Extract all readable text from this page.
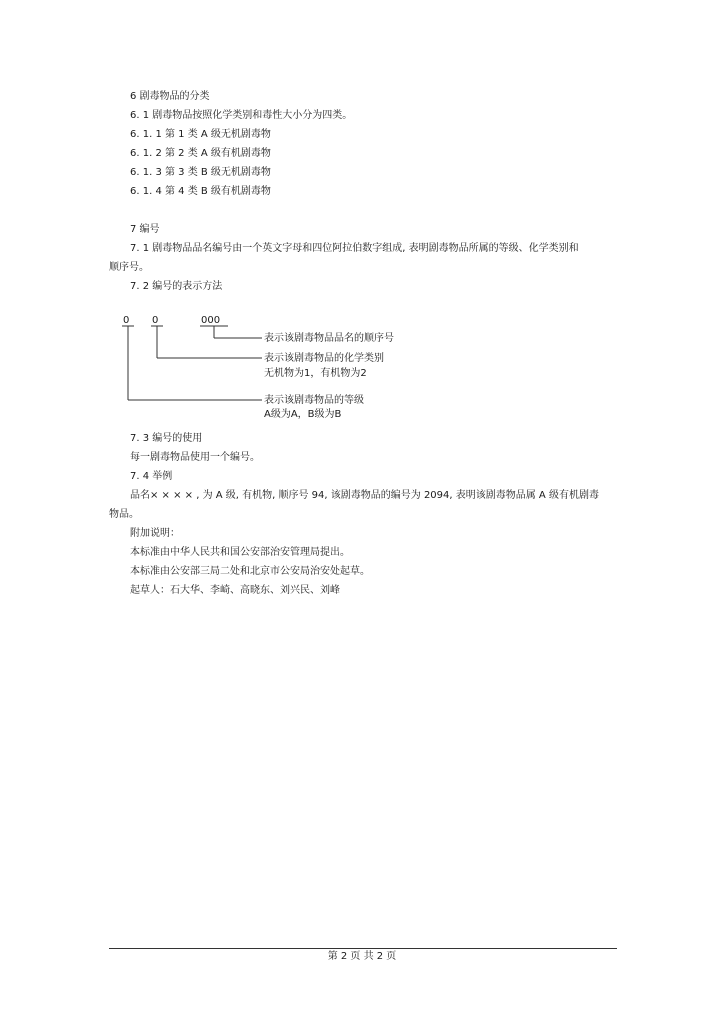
6 剧毒物品的分类
6. 1 剧毒物品按照化学类别和毒性大小分为四类。
6. 1. 1 第 1 类 A 级无机剧毒物
6. 1. 2 第 2 类 A 级有机剧毒物
6. 1. 3 第 3 类 B 级无机剧毒物
6. 1. 4 第 4 类 B 级有机剧毒物
7 编号
7. 1 剧毒物品品名编号由一个英文字母和四位阿拉伯数字组成, 表明剧毒物品所属的等级、化学类别和
顺序号。
7. 2 编号的表示方法
0 0	000
表示该剧毒物品品名的顺序号
表示该剧毒物品的化学类别
无机物为1，有机物为2
表示该剧毒物品的等级
A级为A，B级为B
7. 3 编号的使用
每一剧毒物品使用一个编号。
7. 4 举例
品名× × × × , 为 A 级, 有机物, 顺序号 94, 该剧毒物品的编号为 2094, 表明该剧毒物品属 A 级有机剧毒
物品。
附加说明：
本标准由中华人民共和国公安部治安管理局提出。
本标准由公安部三局二处和北京市公安局治安处起草。
起草人：石大华、李崎、高晓东、刘兴民、刘峰
第 2 页 共 2 页
